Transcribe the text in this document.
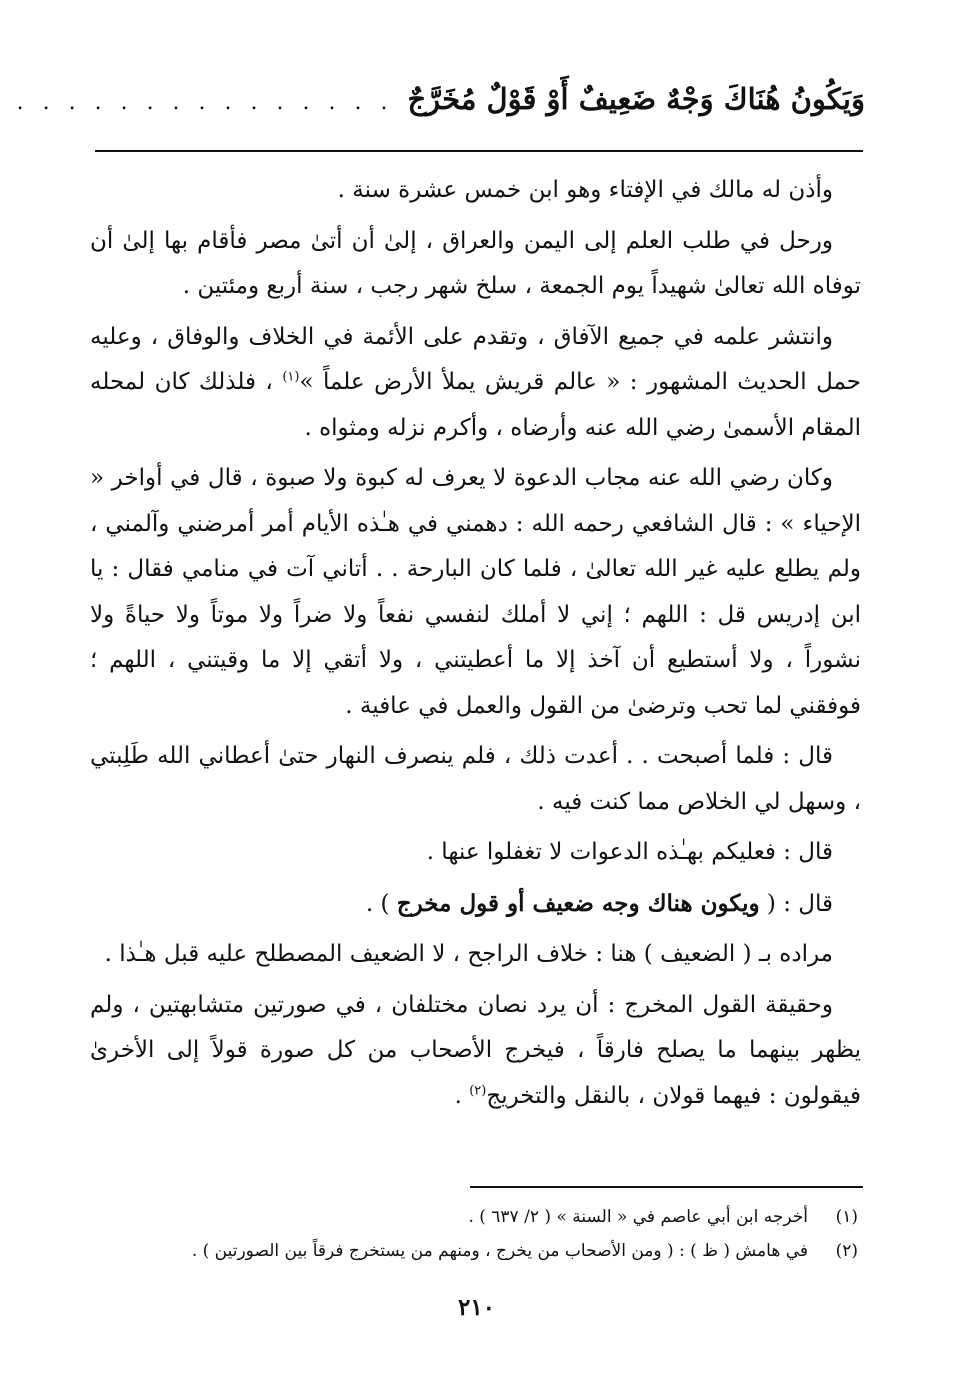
وَيَكُونُ هُنَاكَ وَجْهٌ ضَعِيفٌ أَوْ قَوْلٌ مُخَرَّجٌ
. . . . . . . . . . . . . . .

وأذن له مالك في الإفتاء وهو ابن خمس عشرة سنة .

ورحل في طلب العلم إلى اليمن والعراق ، إلىٰ أن أتىٰ مصر فأقام بها إلىٰ أن توفاه الله تعالىٰ شهيداً يوم الجمعة ، سلخ شهر رجب ، سنة أربع ومئتين .

وانتشر علمه في جميع الآفاق ، وتقدم على الأئمة في الخلاف والوفاق ، وعليه حمل الحديث المشهور : « عالم قريش يملأ الأرض علماً »$^{(١)}$ ، فلذلك كان لمحله المقام الأسمىٰ رضي الله عنه وأرضاه ، وأكرم نزله ومثواه .

وكان رضي الله عنه مجاب الدعوة لا يعرف له كبوة ولا صبوة ، قال في أواخر « الإحياء » : قال الشافعي رحمه الله : دهمني في هـٰذه الأيام أمر أمرضني وآلمني ، ولم يطلع عليه غير الله تعالىٰ ، فلما كان البارحة . . أتاني آت في منامي فقال : يا ابن إدريس قل : اللهم ؛ إني لا أملك لنفسي نفعاً ولا ضراً ولا موتاً ولا حياةً ولا نشوراً ، ولا أستطيع أن آخذ إلا ما أعطيتني ، ولا أتقي إلا ما وقيتني ، اللهم ؛ فوفقني لما تحب وترضىٰ من القول والعمل في عافية .

قال : فلما أصبحت . . أعدت ذلك ، فلم ينصرف النهار حتىٰ أعطاني الله طَلِبتي ، وسهل لي الخلاص مما كنت فيه .

قال : فعليكم بهـٰذه الدعوات لا تغفلوا عنها .

قال : ( ويكون هناك وجه ضعيف أو قول مخرج ) .

مراده بـ ( الضعيف ) هنا : خلاف الراجح ، لا الضعيف المصطلح عليه قبل هـٰذا .

وحقيقة القول المخرج : أن يرد نصان مختلفان ، في صورتين متشابهتين ، ولم يظهر بينهما ما يصلح فارقاً ، فيخرج الأصحاب من كل صورة قولاً إلى الأخرىٰ فيقولون : فيهما قولان ، بالنقل والتخريج$^{(٢)}$ .

(١)
أخرجه ابن أبي عاصم في « السنة » ( ٢/ ٦٣٧ ) .
(٢)
في هامش ( ظ ) : ( ومن الأصحاب من يخرج ، ومنهم من يستخرج فرقاً بين الصورتين ) .
٢١٠
